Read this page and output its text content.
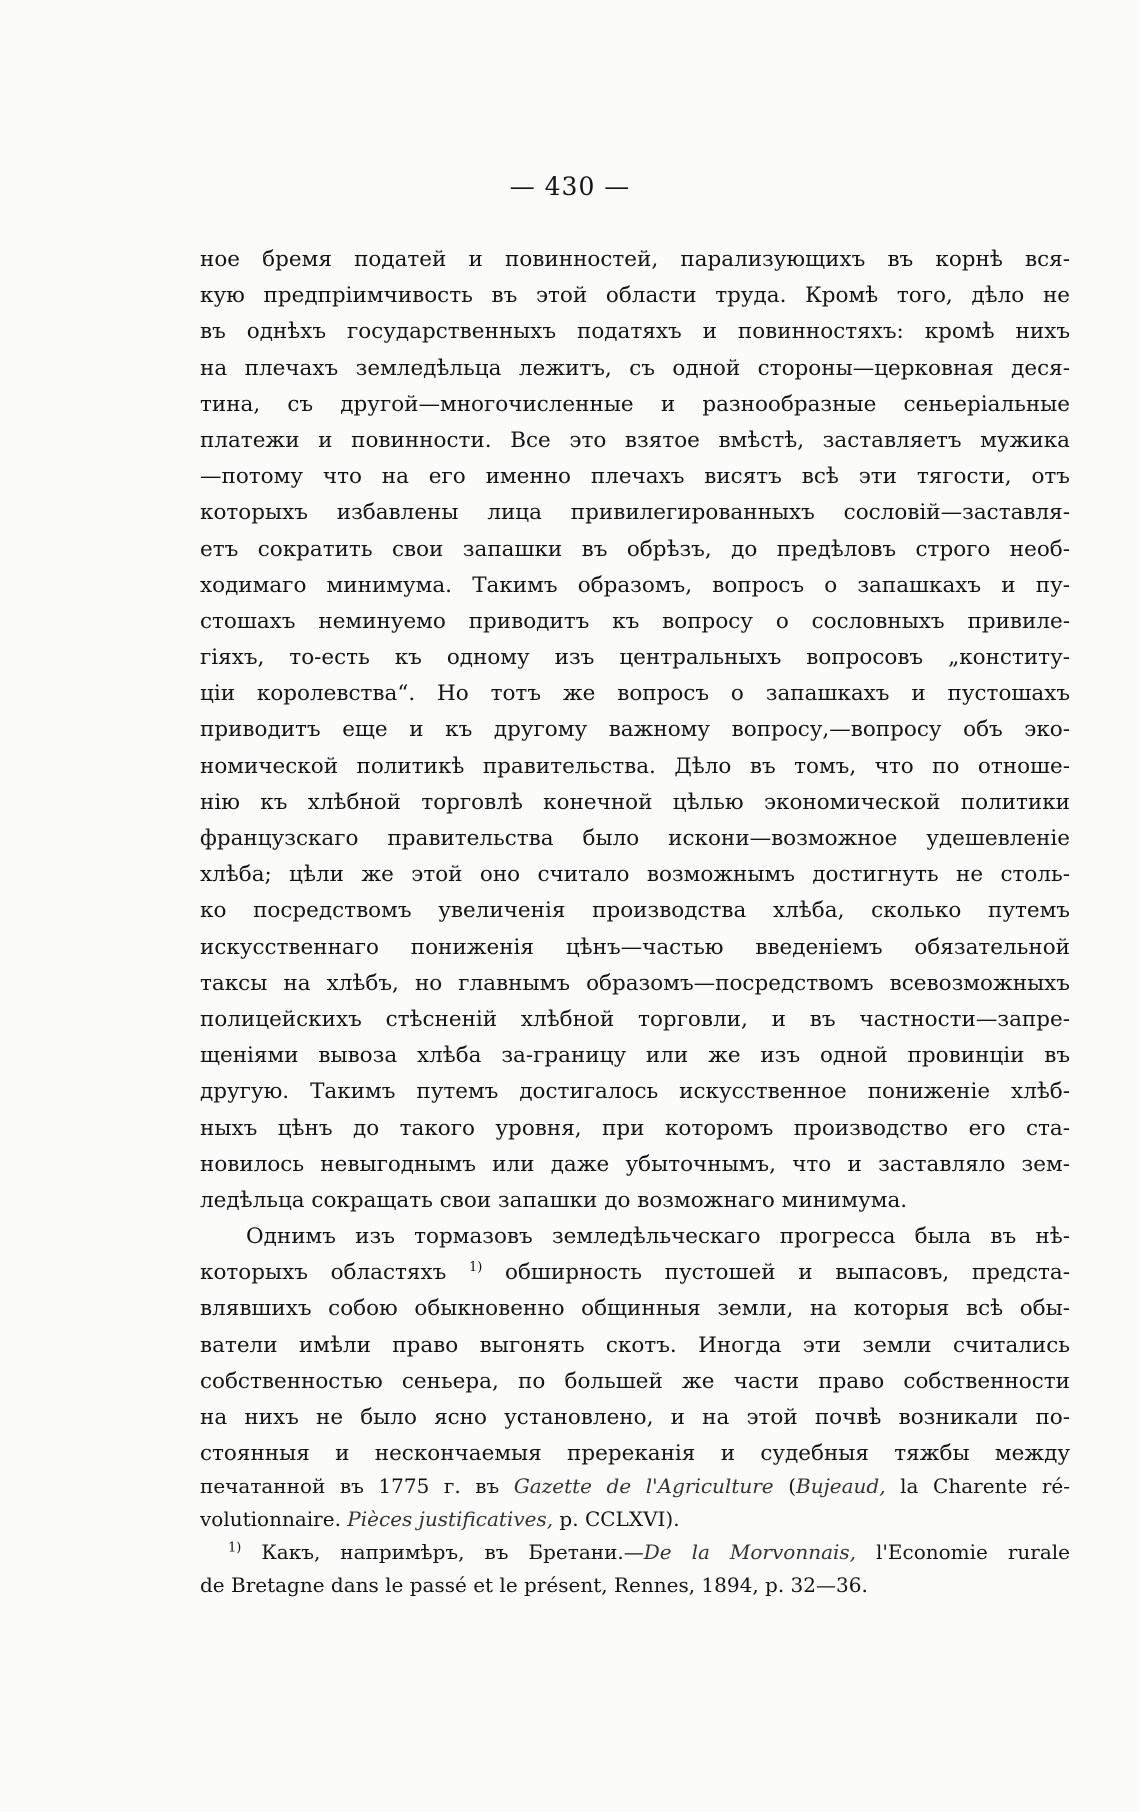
— 430 —
ное бремя податей и повинностей, парализующихъ въ корнѣ вся-
кую предпріимчивость въ этой области труда. Кромѣ того, дѣло не
въ однѣхъ государственныхъ податяхъ и повинностяхъ: кромѣ нихъ
на плечахъ земледѣльца лежитъ, съ одной стороны—церковная деся-
тина, съ другой—многочисленные и разнообразные сеньеріальные
платежи и повинности. Все это взятое вмѣстѣ, заставляетъ мужика
—потому что на его именно плечахъ висятъ всѣ эти тягости, отъ
которыхъ избавлены лица привилегированныхъ сословій—заставля-
етъ сократить свои запашки въ обрѣзъ, до предѣловъ строго необ-
ходимаго минимума. Такимъ образомъ, вопросъ о запашкахъ и пу-
стошахъ неминуемо приводитъ къ вопросу о сословныхъ привиле-
гіяхъ, то-есть къ одному изъ центральныхъ вопросовъ „конститу-
ціи королевства“. Но тотъ же вопросъ о запашкахъ и пустошахъ
приводитъ еще и къ другому важному вопросу,—вопросу объ эко-
номической политикѣ правительства. Дѣло въ томъ, что по отноше-
нію къ хлѣбной торговлѣ конечной цѣлью экономической политики
французскаго правительства было искони—возможное удешевленіе
хлѣба; цѣли же этой оно считало возможнымъ достигнуть не столь-
ко посредствомъ увеличенія производства хлѣба, сколько путемъ
искусственнаго пониженія цѣнъ—частью введеніемъ обязательной
таксы на хлѣбъ, но главнымъ образомъ—посредствомъ всевозможныхъ
полицейскихъ стѣсненій хлѣбной торговли, и въ частности—запре-
щеніями вывоза хлѣба за-границу или же изъ одной провинціи въ
другую. Такимъ путемъ достигалось искусственное пониженіе хлѣб-
ныхъ цѣнъ до такого уровня, при которомъ производство его ста-
новилось невыгоднымъ или даже убыточнымъ, что и заставляло зем-
ледѣльца сокращать свои запашки до возможнаго минимума.
Однимъ изъ тормазовъ земледѣльческаго прогресса была въ нѣ-
которыхъ областяхъ $^{1)}$ обширность пустошей и выпасовъ, предста-
влявшихъ собою обыкновенно общинныя земли, на которыя всѣ обы-
ватели имѣли право выгонять скотъ. Иногда эти земли считались
собственностью сеньера, по большей же части право собственности
на нихъ не было ясно установлено, и на этой почвѣ возникали по-
стоянныя и нескончаемыя пререканія и судебныя тяжбы между
печатанной въ 1775 г. въ Gazette de l'Agriculture (Bujeaud, la Charente ré-
volutionnaire. Pièces justificatives, p. CCLXVI).
$^{1)}$ Какъ, напримѣръ, въ Бретани.—De la Morvonnais, l'Economie rurale
de Bretagne dans le passé et le présent, Rennes, 1894, p. 32—36.
